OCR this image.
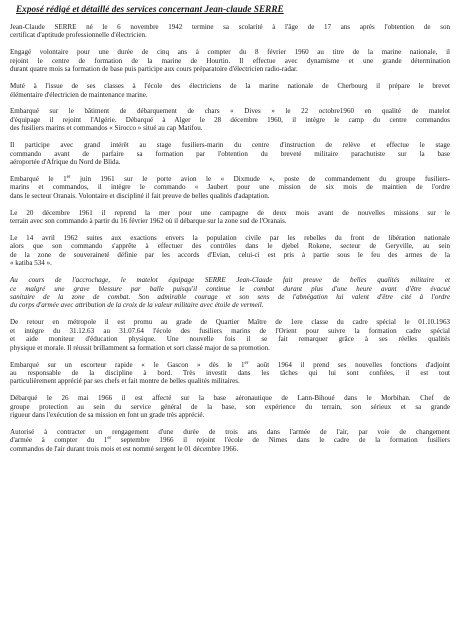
Exposé rédigé et détaillé des services concernant Jean-claude SERRE
Jean-Claude SERRE né le 6 novembre 1942 termine sa scolarité à l'âge de 17 ans après l'obtention de son
certificat d'aptitude professionnelle d'électricien.
Engagé volontaire pour une durée de cinq ans à compter du 8 février 1960 au titre de la marine nationale, il
rejoint le centre de formation de la marine de Hourtin. Il effectue avec dynamisme et une grande détermination
durant quatre mois sa formation de base puis participe aux cours préparatoire d'électricien radio-radar.
Muté à l'issue de ses classes à l'école des électriciens de la marine nationale de Cherbourg il prépare le brevet
élémentaire d'électricien de maintenance marine.
Embarqué sur le bâtiment de débarquement de chars « Dives » le 22 octobre1960 en qualité de matelot
d'équipage il rejoint l'Algérie. Débarqué à Alger le 28 décembre 1960, il intègre le camp du centre commandos
des fusiliers marins et commandos « Sirocco » situé au cap Matifou.
Il participe avec grand intérêt au stage fusiliers-marin du centre d'instruction de relève et effectue le stage
commando avant de parfaire sa formation par l'obtention du breveté militaire parachutiste sur la base
aéroportée d'Afrique du Nord de Blida.
Embarqué le 1er juin 1961 sur le porte avion le « Dixmude », poste de commandement du groupe fusiliers-
marins et commandos, il intègre le commando « Jaubert pour une mission de six mois de maintien de l'ordre
dans le secteur Oranais. Volontaire et discipliné il fait preuve de belles qualités d'adaptation.
Le 20 décembre 1961 il reprend la mer pour une campagne de deux mois avant de nouvelles missions sur le
terrain avec son commando à partir du 16 février 1962 où il débarque sur la zone sud de l'Oranais.
Le 14 avril 1962 suites aux exactions envers la population civile par les rebelles du front de libération nationale
alors que son commando s'apprête à effectuer des contrôles dans le djebel Rokene, secteur de Geryville, au sein
de la zone de souveraineté définie par les accords d'Evian, celui-ci est pris à partie sous le feu des armes de la
« katiba 534 ».
Au cours de l'accrochage, le matelot équipage SERRE Jean-Claude fait preuve de belles qualités militaire et
ce malgré une grave blessure par balle puisqu'il continue le combat durant plus d'une heure avant d'être évacué
sanitaire de la zone de combat. Son admirable courage et son sens de l'abnégation lui valent d'être cité à l'ordre
du corps d'armée avec attribution de la croix de la valeur militaire avec étoile de vermeil.
De retour en métropole il est promu au grade de Quartier Maître de 1ere classe du cadre spécial le 01.10.1963
et intègre du 31.12.63 au 31.07.64 l'école des fusiliers marins de l'Orient pour suivre la formation cadre spécial
et aide moniteur d'éducation physique. Une nouvelle fois il se fait remarquer grâce à ses réelles qualités
physique et morale. Il réussit brillamment sa formation et sort classé major de sa promotion.
Embarqué sur un escorteur rapide « le Gascon » dès le 1er août 1964 il prend ses nouvelles fonctions d'adjoint
au responsable de la discipline à bord. Très investit dans les tâches qui lui sont confiées, il est tout
particulièrement apprécié par ses chefs et fait montre de belles qualités militaires.
Débarqué le 26 mai 1966 il est affecté sur la base aéronautique de Lann-Bihoué dans le Morbihan. Chef de
groupe protection au sein du service général de la base, son expérience du terrain, son sérieux et sa grande
rigueur dans l'exécution de sa mission en font un grade très apprécié.
Autorisé à contracter un rengagement d'une durée de trois ans dans l'armée de l'air, par voie de changement
d'armée à compter du 1er septembre 1966 il rejoint l'école de Nimes dans le cadre de la formation fusiliers
commandos de l'air durant trois mois et est nommé sergent le 01 décembre 1966.
